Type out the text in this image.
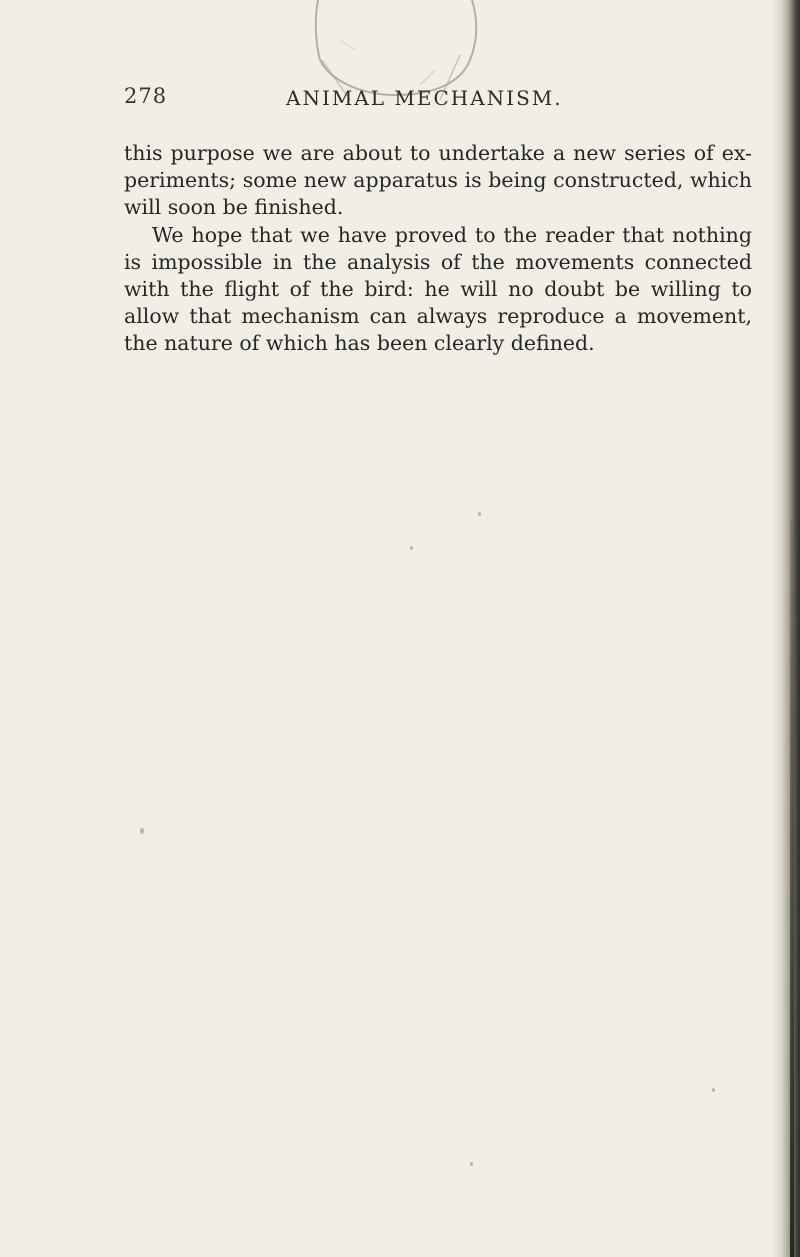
278	ANIMAL MECHANISM.

this purpose we are about to undertake a new series of ex- periments; some new apparatus is being constructed, which will soon be finished.

We hope that we have proved to the reader that nothing is impossible in the analysis of the movements connected with the flight of the bird: he will no doubt be willing to allow that mechanism can always reproduce a movement, the nature of which has been clearly defined.
